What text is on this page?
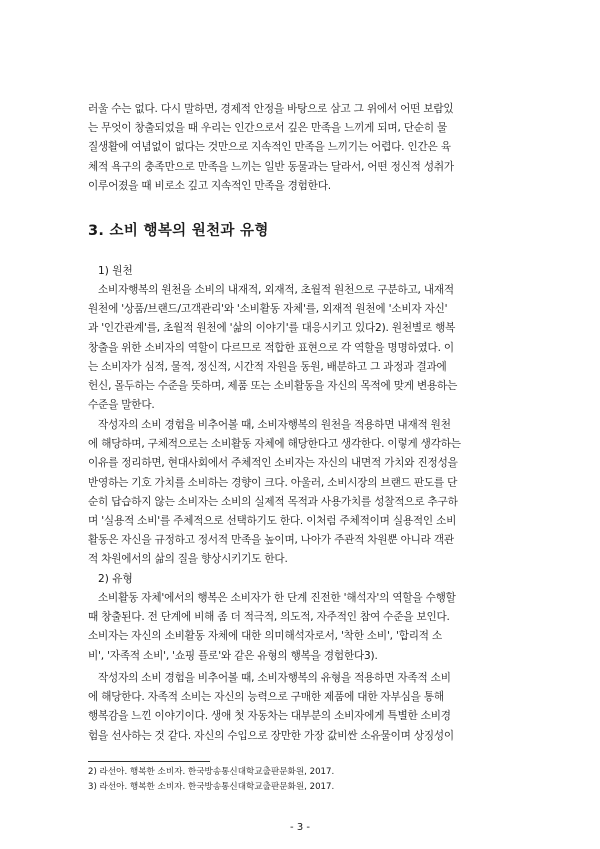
러울 수는 없다. 다시 말하면, 경제적 안정을 바탕으로 삼고 그 위에서 어떤 보람있
는 무엇이 창출되었을 때 우리는 인간으로서 깊은 만족을 느끼게 되며, 단순히 물
질생활에 여념없이 없다는 것만으로 지속적인 만족을 느끼기는 어렵다. 인간은 육
체적 욕구의 충족만으로 만족을 느끼는 일반 동물과는 달라서, 어떤 정신적 성취가
이루어졌을 때 비로소 깊고 지속적인 만족을 경험한다.
3. 소비 행복의 원천과 유형
1) 원천
소비자행복의 원천을 소비의 내재적, 외재적, 초월적 원천으로 구분하고, 내재적
원천에 '상품/브랜드/고객관리'와 '소비활동 자체'를, 외재적 원천에 '소비자 자신'
과 '인간관계'를, 초월적 원천에 '삶의 이야기'를 대응시키고 있다2). 원천별로 행복
창출을 위한 소비자의 역할이 다르므로 적합한 표현으로 각 역할을 명명하였다. 이
는 소비자가 심적, 물적, 정신적, 시간적 자원을 동원, 배분하고 그 과정과 결과에
헌신, 몰두하는 수준을 뜻하며, 제품 또는 소비활동을 자신의 목적에 맞게 변용하는
수준을 말한다.
작성자의 소비 경험을 비추어볼 때, 소비자행복의 원천을 적용하면 내재적 원천
에 해당하며, 구체적으로는 소비활동 자체에 해당한다고 생각한다. 이렇게 생각하는
이유를 정리하면, 현대사회에서 주체적인 소비자는 자신의 내면적 가치와 진정성을
반영하는 기호 가치를 소비하는 경향이 크다. 아울러, 소비시장의 브랜드 판도를 단
순히 답습하지 않는 소비자는 소비의 실제적 목적과 사용가치를 성찰적으로 추구하
며 '실용적 소비'를 주체적으로 선택하기도 한다. 이처럼 주체적이며 실용적인 소비
활동은 자신을 규정하고 정서적 만족을 높이며, 나아가 주관적 차원뿐 아니라 객관
적 차원에서의 삶의 질을 향상시키기도 한다.
2) 유형
소비활동 자체'에서의 행복은 소비자가 한 단계 진전한 '해석자'의 역할을 수행할
때 창출된다. 전 단계에 비해 좀 더 적극적, 의도적, 자주적인 참여 수준을 보인다.
소비자는 자신의 소비활동 자체에 대한 의미해석자로서, '착한 소비', '합리적 소
비', '자족적 소비', '쇼핑 플로'와 같은 유형의 행복을 경험한다3).
작성자의 소비 경험을 비추어볼 때, 소비자행복의 유형을 적용하면 자족적 소비
에 해당한다. 자족적 소비는 자신의 능력으로 구매한 제품에 대한 자부심을 통해
행복감을 느낀 이야기이다. 생애 첫 자동차는 대부분의 소비자에게 특별한 소비경
험을 선사하는 것 같다. 자신의 수입으로 장만한 가장 값비싼 소유물이며 상징성이
2) 라선아. 행복한 소비자. 한국방송통신대학교출판문화원, 2017.
3) 라선아. 행복한 소비자. 한국방송통신대학교출판문화원, 2017.
- 3 -
